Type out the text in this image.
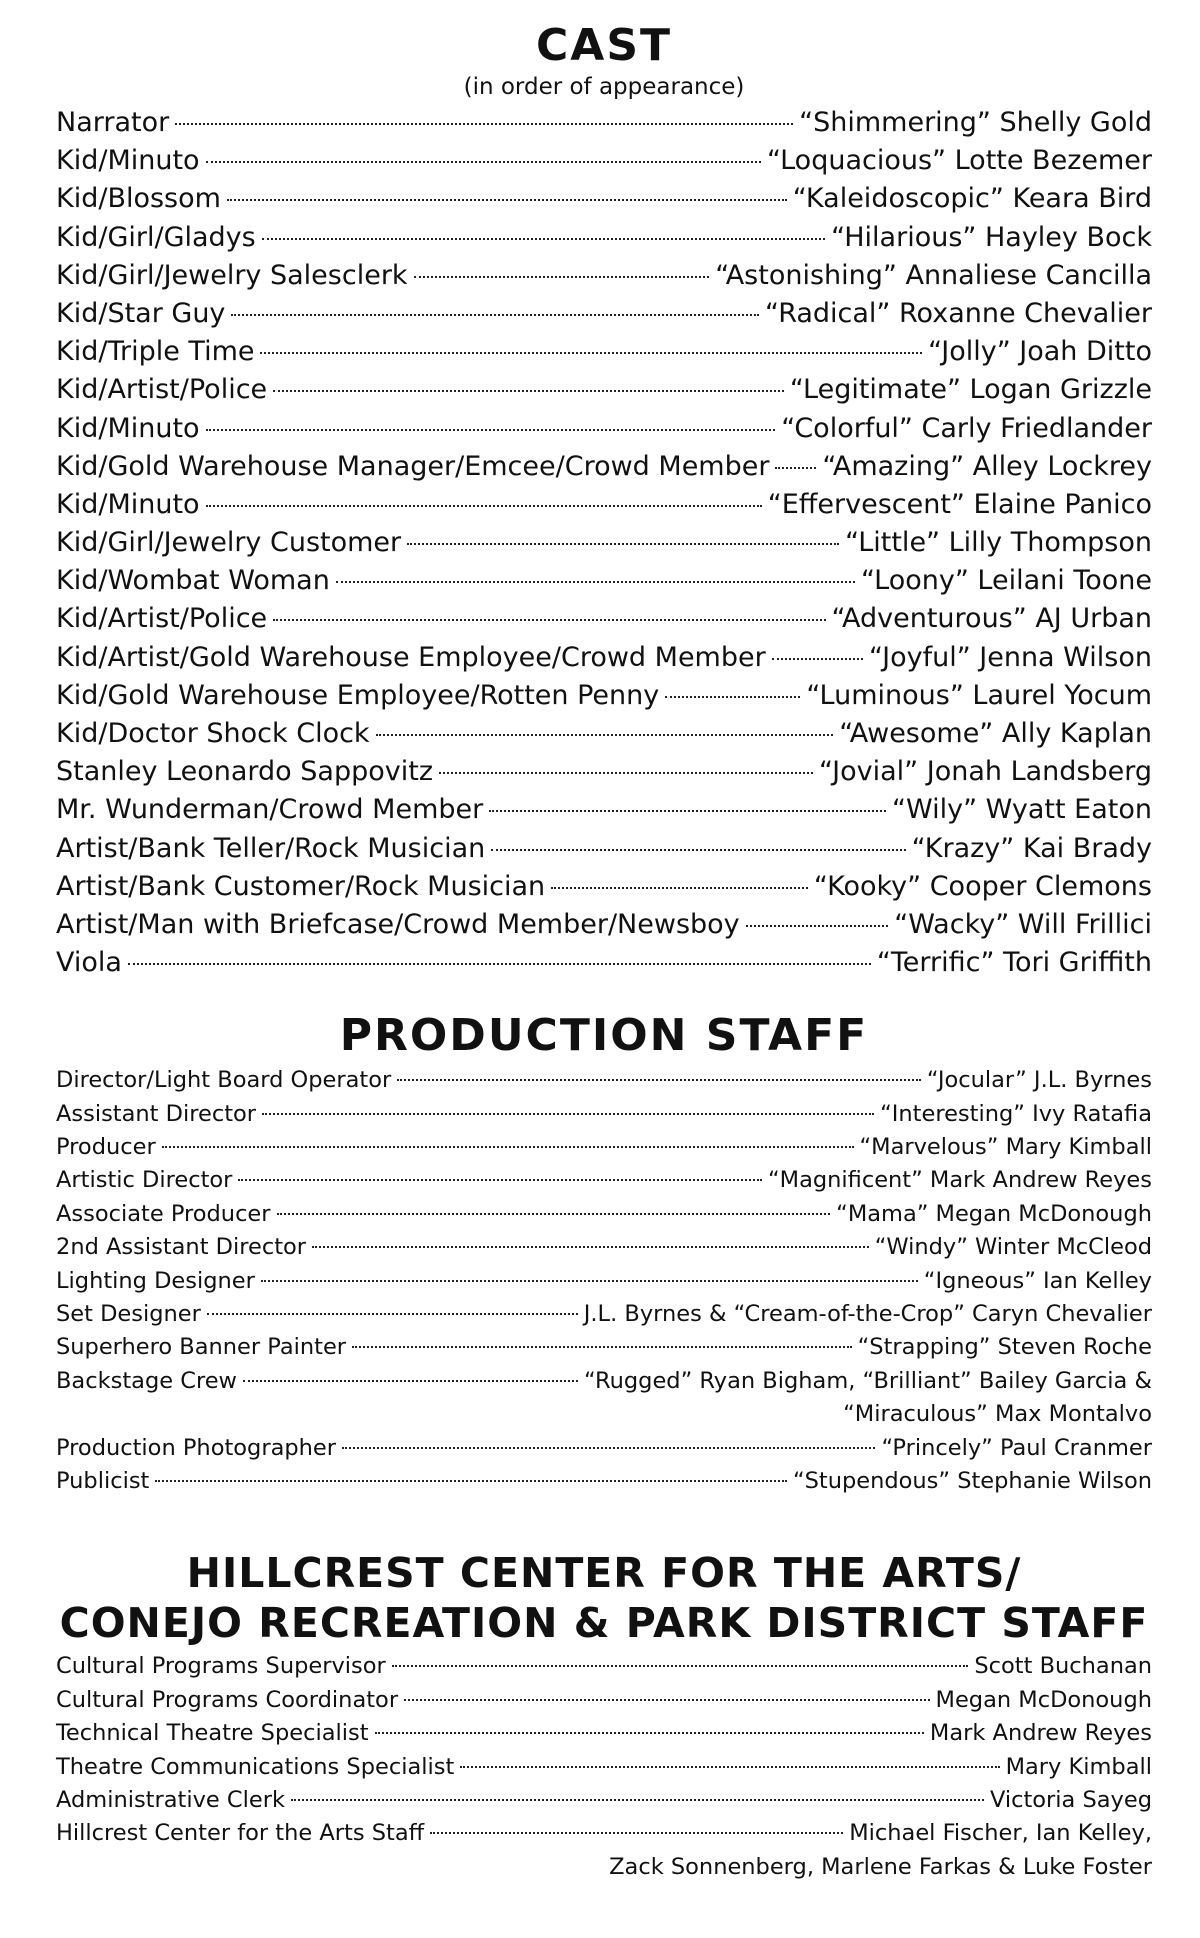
CAST
(in order of appearance)
Narrator	“Shimmering” Shelly Gold
Kid/Minuto	“Loquacious” Lotte Bezemer
Kid/Blossom	“Kaleidoscopic” Keara Bird
Kid/Girl/Gladys	“Hilarious” Hayley Bock
Kid/Girl/Jewelry Salesclerk	“Astonishing” Annaliese Cancilla
Kid/Star Guy	“Radical” Roxanne Chevalier
Kid/Triple Time	“Jolly” Joah Ditto
Kid/Artist/Police	“Legitimate” Logan Grizzle
Kid/Minuto	“Colorful” Carly Friedlander
Kid/Gold Warehouse Manager/Emcee/Crowd Member “Amazing” Alley Lockrey
Kid/Minuto	“Effervescent” Elaine Panico
Kid/Girl/Jewelry Customer	“Little” Lilly Thompson
Kid/Wombat Woman	“Loony” Leilani Toone
Kid/Artist/Police	“Adventurous” AJ Urban
Kid/Artist/Gold Warehouse Employee/Crowd Member	“Joyful” Jenna Wilson
Kid/Gold Warehouse Employee/Rotten Penny	“Luminous” Laurel Yocum
Kid/Doctor Shock Clock	“Awesome” Ally Kaplan
Stanley Leonardo Sappovitz	“Jovial” Jonah Landsberg
Mr. Wunderman/Crowd Member	“Wily” Wyatt Eaton
Artist/Bank Teller/Rock Musician	“Krazy” Kai Brady
Artist/Bank Customer/Rock Musician	“Kooky” Cooper Clemons
Artist/Man with Briefcase/Crowd Member/Newsboy	“Wacky” Will Frillici
Viola	“Terrific” Tori Griffith
PRODUCTION STAFF
Director/Light Board Operator	“Jocular” J.L. Byrnes
Assistant Director	“Interesting” Ivy Ratafia
Producer	“Marvelous” Mary Kimball
Artistic Director	“Magnificent” Mark Andrew Reyes
Associate Producer	“Mama” Megan McDonough
2nd Assistant Director	“Windy” Winter McCleod
Lighting Designer	“Igneous” Ian Kelley
Set Designer	J.L. Byrnes & “Cream-of-the-Crop” Caryn Chevalier
Superhero Banner Painter	“Strapping” Steven Roche
Backstage Crew	“Rugged” Ryan Bigham, “Brilliant” Bailey Garcia &
“Miraculous” Max Montalvo
Production Photographer	“Princely” Paul Cranmer
Publicist	“Stupendous” Stephanie Wilson
HILLCREST CENTER FOR THE ARTS/
CONEJO RECREATION & PARK DISTRICT STAFF
Cultural Programs Supervisor	Scott Buchanan
Cultural Programs Coordinator	Megan McDonough
Technical Theatre Specialist	Mark Andrew Reyes
Theatre Communications Specialist	Mary Kimball
Administrative Clerk	Victoria Sayeg
Hillcrest Center for the Arts Staff	Michael Fischer, Ian Kelley,
Zack Sonnenberg, Marlene Farkas & Luke Foster
